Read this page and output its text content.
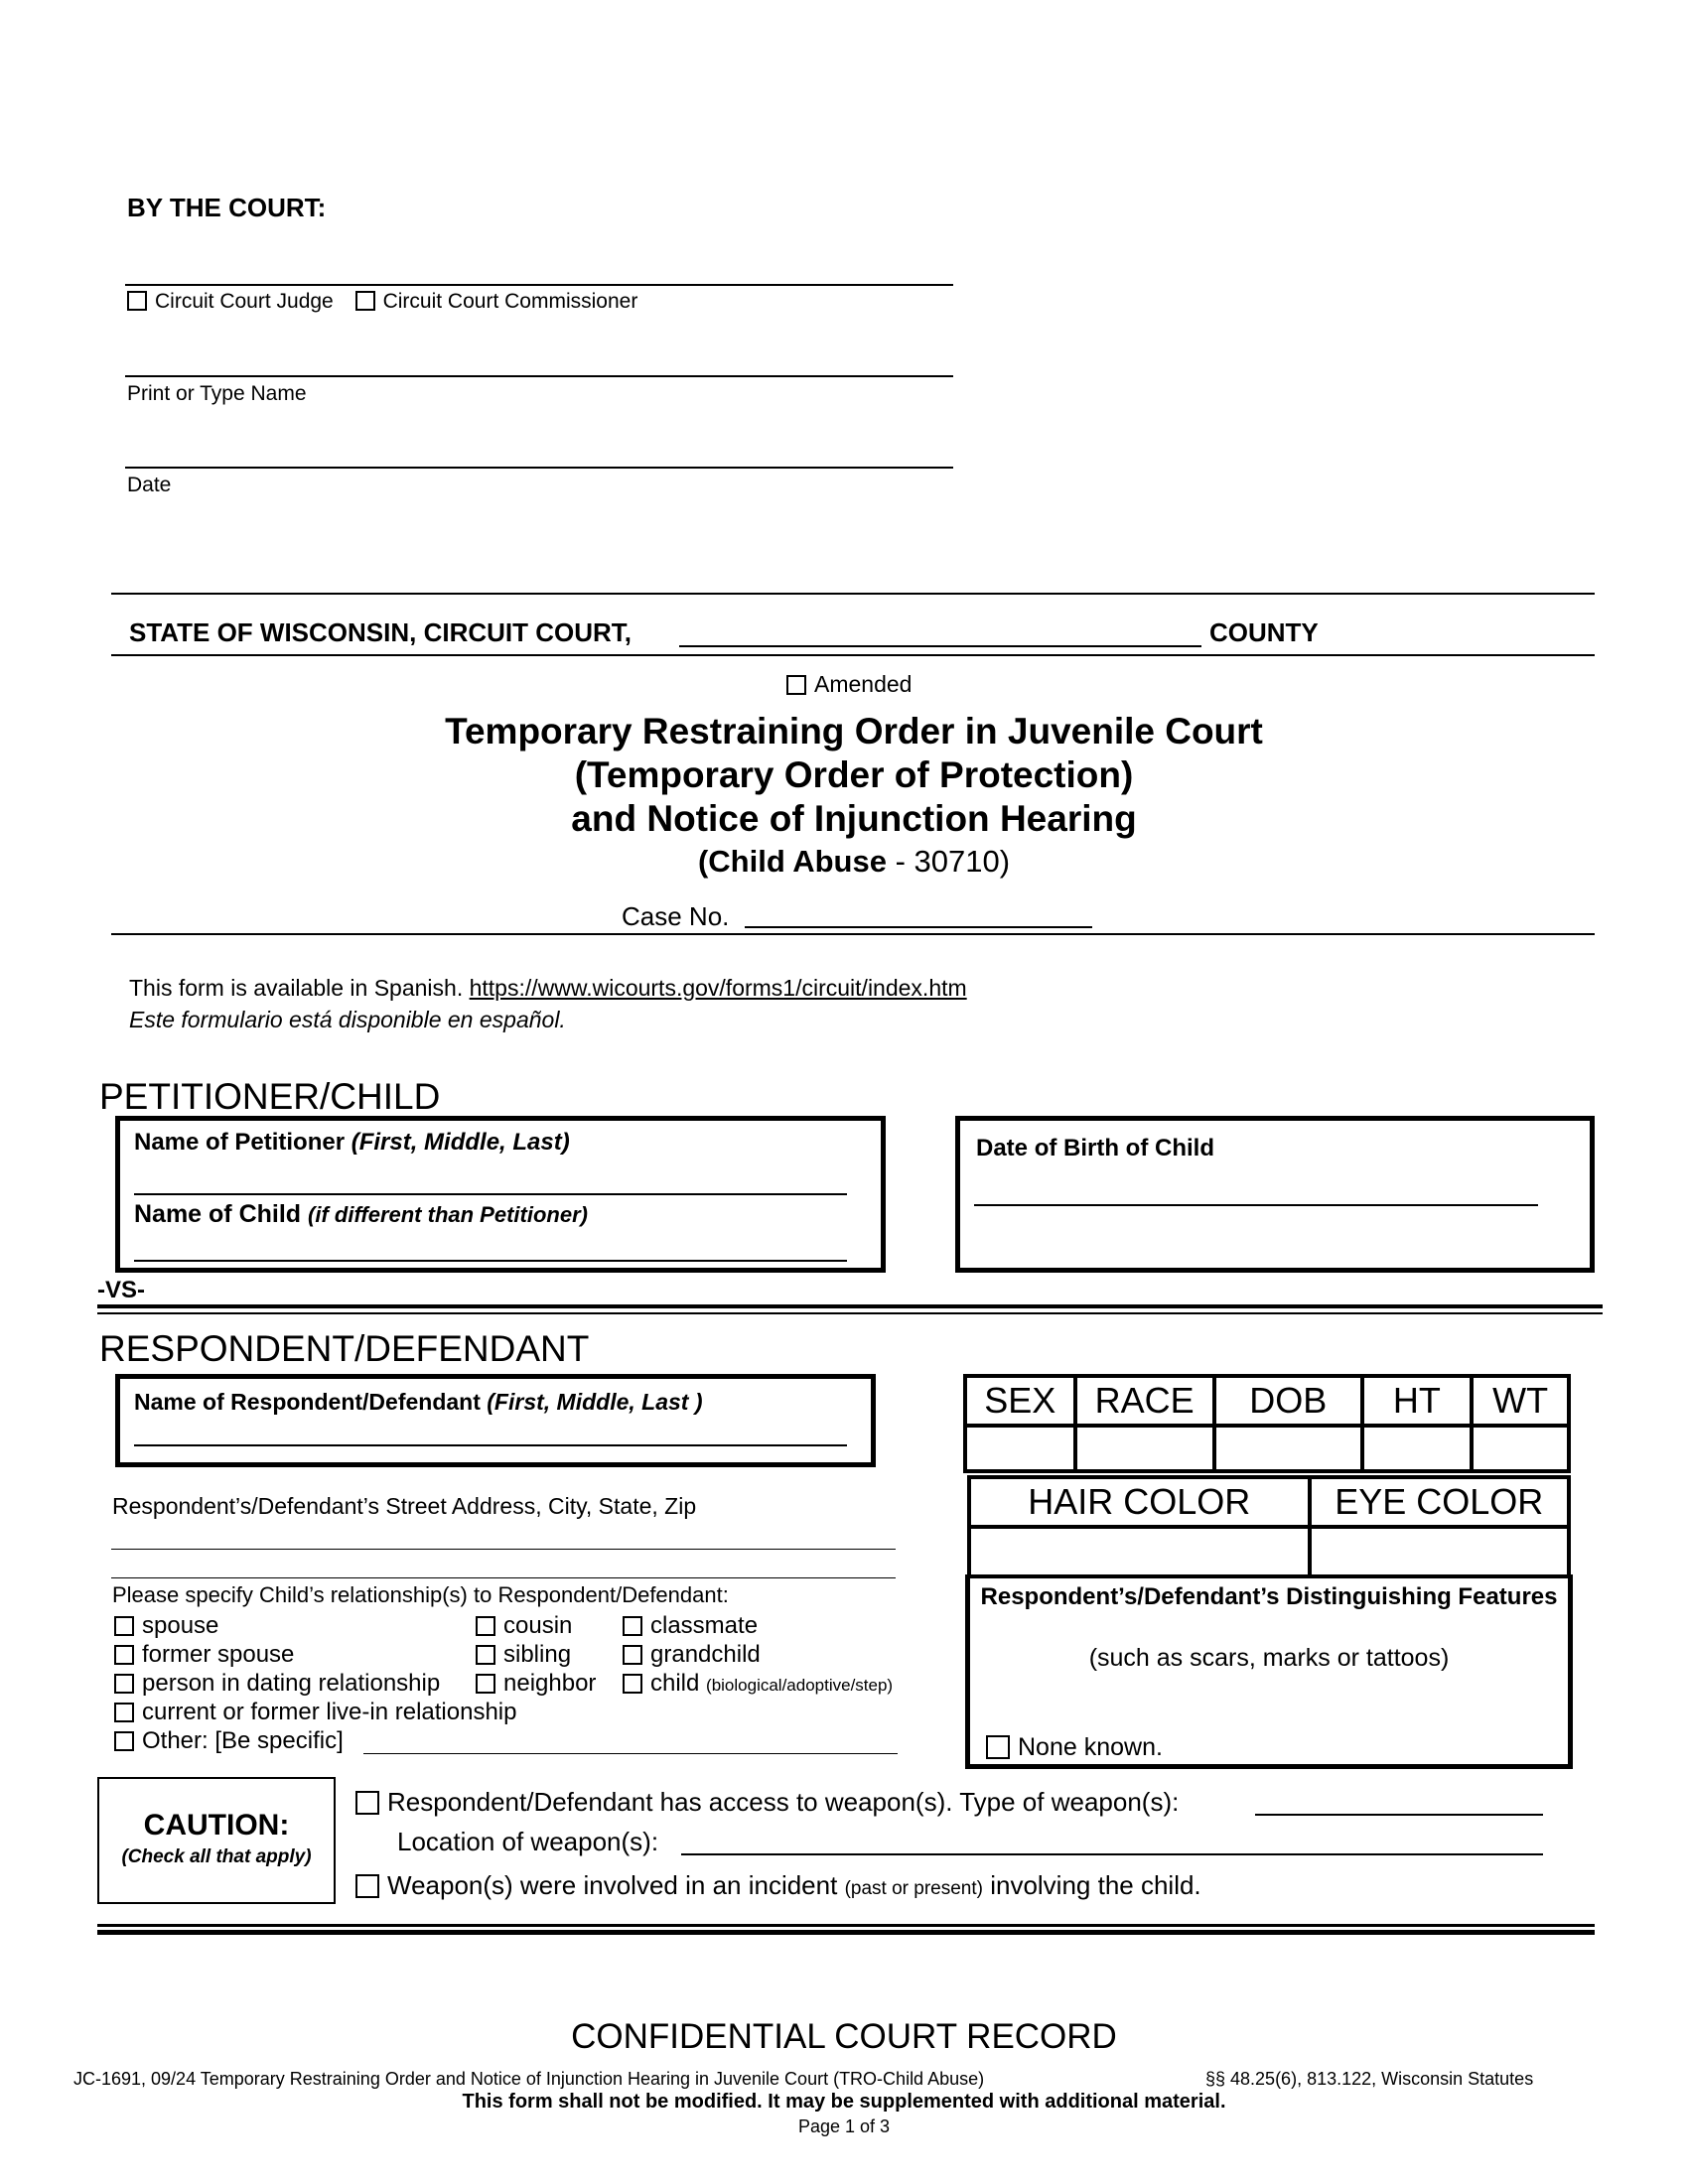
BY THE COURT:
Circuit Court Judge Circuit Court Commissioner
Print or Type Name
Date
STATE OF WISCONSIN, CIRCUIT COURT,	COUNTY
Amended
Temporary Restraining Order in Juvenile Court
(Temporary Order of Protection)
and Notice of Injunction Hearing
(Child Abuse - 30710)
Case No.
This form is available in Spanish. https://www.wicourts.gov/forms1/circuit/index.htm
Este formulario está disponible en español.
PETITIONER/CHILD
Name of Petitioner (First, Middle, Last)
Name of Child (if different than Petitioner)
Date of Birth of Child
-VS-
RESPONDENT/DEFENDANT
Name of Respondent/Defendant (First, Middle, Last )
Respondent’s/Defendant’s Street Address, City, State, Zip
Please specify Child’s relationship(s) to Respondent/Defendant:
spouse
former spouse
person in dating relationship
current or former live-in relationship
Other: [Be specific]
cousin
sibling
neighbor
classmate
grandchild
child (biological/adoptive/step)
SEX	RACE	DOB	HT	WT

HAIR COLOR	EYE COLOR

Respondent’s/Defendant’s Distinguishing Features
(such as scars, marks or tattoos)
None known.
CAUTION:
(Check all that apply)
Respondent/Defendant has access to weapon(s). Type of weapon(s):
Location of weapon(s):
Weapon(s) were involved in an incident (past or present) involving the child.
CONFIDENTIAL COURT RECORD
JC-1691, 09/24 Temporary Restraining Order and Notice of Injunction Hearing in Juvenile Court (TRO-Child Abuse)	§§ 48.25(6), 813.122, Wisconsin Statutes
This form shall not be modified. It may be supplemented with additional material.
Page 1 of 3
